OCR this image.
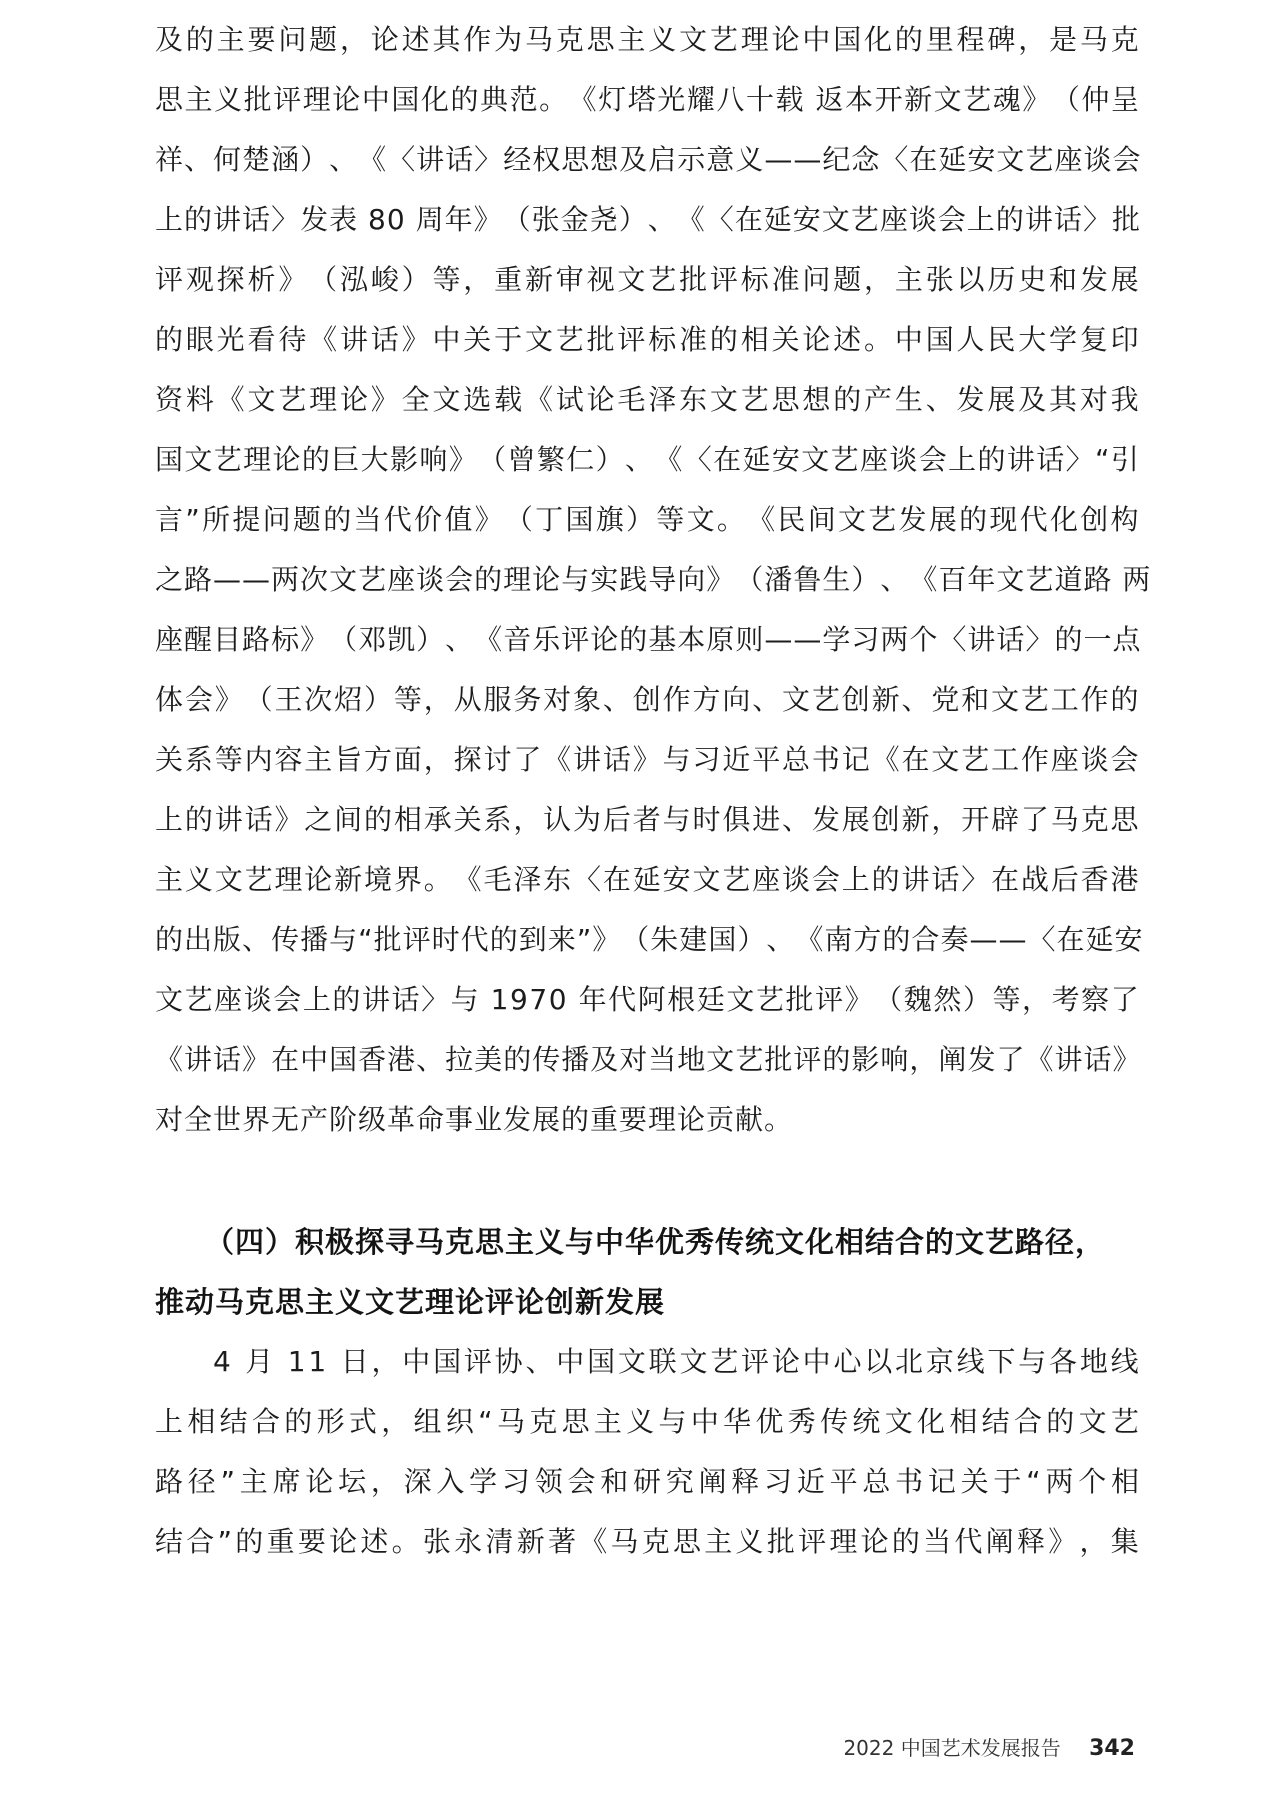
及 的 主 要 问 题 ， 论 述 其 作 为 马 克 思 主 义 文 艺 理 论 中 国 化 的 里 程 碑 ， 是 马 克
思 主 义 批 评 理 论 中 国 化 的 典 范 。 《 灯 塔 光 耀 八 十 载
返 本 开 新 文 艺 魂 》 （ 仲 呈
祥 、 何 楚 涵 ） 、 《 〈 讲 话 〉 经 权 思 想 及 启 示 意 义 — — 纪 念 〈 在 延 安 文 艺 座 谈 会
上 的 讲 话 〉 发 表
8 0
周 年 》 （ 张 金 尧 ） 、 《 〈 在 延 安 文 艺 座 谈 会 上 的 讲 话 〉 批
评 观 探 析 》 （ 泓 峻 ） 等 ， 重 新 审 视 文 艺 批 评 标 准 问 题 ， 主 张 以 历 史 和 发 展
的 眼 光 看 待 《 讲 话 》 中 关 于 文 艺 批 评 标 准 的 相 关 论 述 。 中 国 人 民 大 学 复 印
资 料 《 文 艺 理 论 》 全 文 选 载 《 试 论 毛 泽 东 文 艺 思 想 的 产 生 、 发 展 及 其 对 我
国 文 艺 理 论 的 巨 大 影 响 》 （ 曾 繁 仁 ） 、 《 〈 在 延 安 文 艺 座 谈 会 上 的 讲 话 〉 “ 引
言 ” 所 提 问 题 的 当 代 价 值 》 （ 丁 国 旗 ） 等 文 。 《 民 间 文 艺 发 展 的 现 代 化 创 构
之 路 — — 两 次 文 艺 座 谈 会 的 理 论 与 实 践 导 向 》 （ 潘 鲁 生 ） 、 《 百 年 文 艺 道 路
两
座 醒 目 路 标 》 （ 邓 凯 ） 、 《 音 乐 评 论 的 基 本 原 则 — — 学 习 两 个 〈 讲 话 〉 的 一 点
体 会 》 （ 王 次 炤 ） 等 ， 从 服 务 对 象 、 创 作 方 向 、 文 艺 创 新 、 党 和 文 艺 工 作 的
关 系 等 内 容 主 旨 方 面 ， 探 讨 了 《 讲 话 》 与 习 近 平 总 书 记 《 在 文 艺 工 作 座 谈 会
上 的 讲 话 》 之 间 的 相 承 关 系 ， 认 为 后 者 与 时 俱 进 、 发 展 创 新 ， 开 辟 了 马 克 思
主 义 文 艺 理 论 新 境 界 。 《 毛 泽 东 〈 在 延 安 文 艺 座 谈 会 上 的 讲 话 〉 在 战 后 香 港
的 出 版 、 传 播 与 “ 批 评 时 代 的 到 来 ” 》 （ 朱 建 国 ） 、 《 南 方 的 合 奏 — — 〈 在 延 安
文 艺 座 谈 会 上 的 讲 话 〉 与
1 9 7 0
年 代 阿 根 廷 文 艺 批 评 》 （ 魏 然 ） 等 ， 考 察 了
《 讲 话 》 在 中 国 香 港 、 拉 美 的 传 播 及 对 当 地 文 艺 批 评 的 影 响 ， 阐 发 了 《 讲 话 》
对全世界无产阶级革命事业发展的重要理论贡献。
（四）积极探寻马克思主义与中华优秀传统文化相结合的文艺路径，
推动马克思主义文艺理论评论创新发展
4
月
1 1
日 ， 中 国 评 协 、 中 国 文 联 文 艺 评 论 中 心 以 北 京 线 下 与 各 地 线
上 相 结 合 的 形 式 ， 组 织 “ 马 克 思 主 义 与 中 华 优 秀 传 统 文 化 相 结 合 的 文 艺
路 径 ” 主 席 论 坛 ， 深 入 学 习 领 会 和 研 究 阐 释 习 近 平 总 书 记 关 于 “ 两 个 相
结 合 ” 的 重 要 论 述 。 张 永 清 新 著 《 马 克 思 主 义 批 评 理 论 的 当 代 阐 释 》 ， 集
2022 中国艺术发展报告 342
